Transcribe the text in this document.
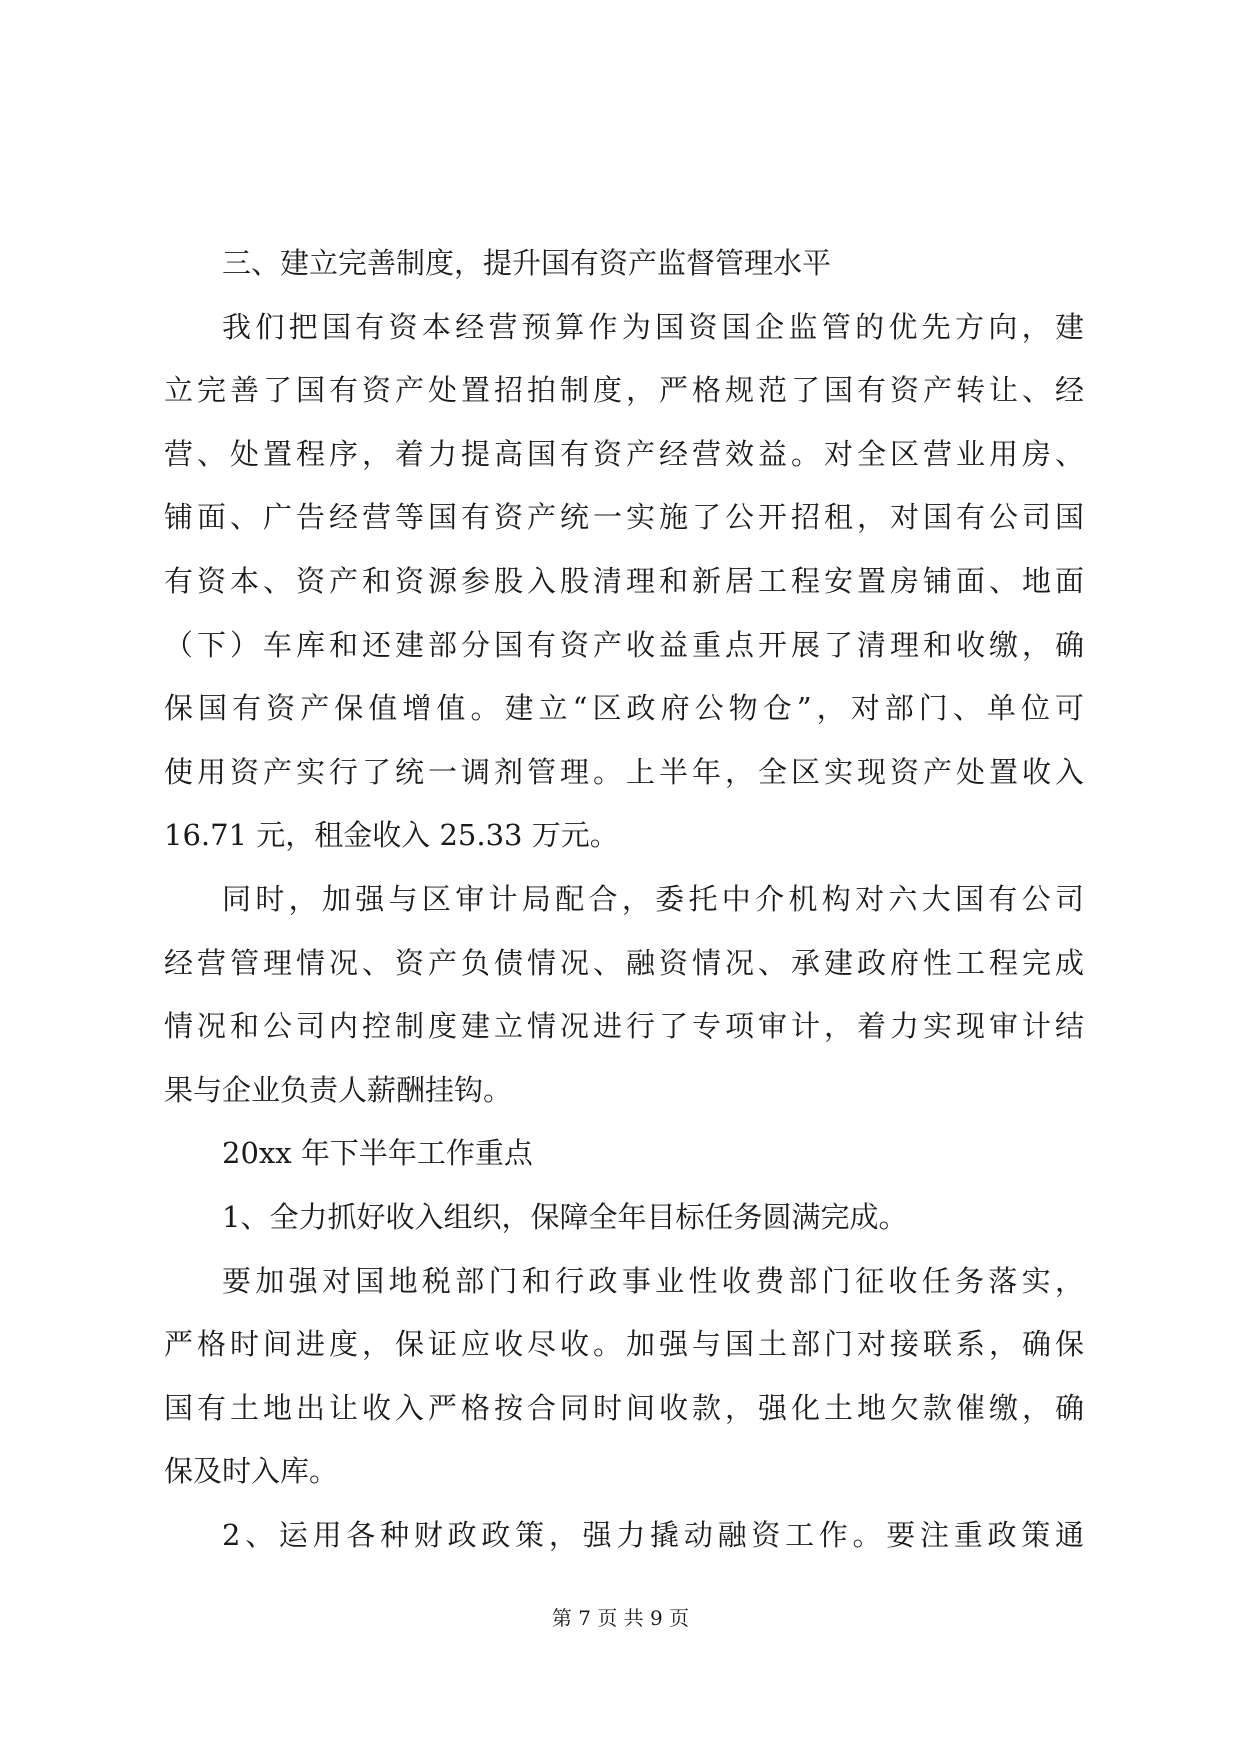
三、建立完善制度，提升国有资产监督管理水平
我们把国有资本经营预算作为国资国企监管的优先方向，建
立完善了国有资产处置招拍制度，严格规范了国有资产转让、经
营、处置程序，着力提高国有资产经营效益。对全区营业用房、
铺面、广告经营等国有资产统一实施了公开招租，对国有公司国
有资本、资产和资源参股入股清理和新居工程安置房铺面、地面
（下）车库和还建部分国有资产收益重点开展了清理和收缴，确
保国有资产保值增值。建立“区政府公物仓”，对部门、单位可
使用资产实行了统一调剂管理。上半年，全区实现资产处置收入
16.71 元，租金收入 25.33 万元。
同时，加强与区审计局配合，委托中介机构对六大国有公司
经营管理情况、资产负债情况、融资情况、承建政府性工程完成
情况和公司内控制度建立情况进行了专项审计，着力实现审计结
果与企业负责人薪酬挂钩。
20xx 年下半年工作重点
1、全力抓好收入组织，保障全年目标任务圆满完成。
要加强对国地税部门和行政事业性收费部门征收任务落实，
严格时间进度，保证应收尽收。加强与国土部门对接联系，确保
国有土地出让收入严格按合同时间收款，强化土地欠款催缴，确
保及时入库。
2、运用各种财政政策，强力撬动融资工作。要注重政策通
第 7 页 共 9 页
